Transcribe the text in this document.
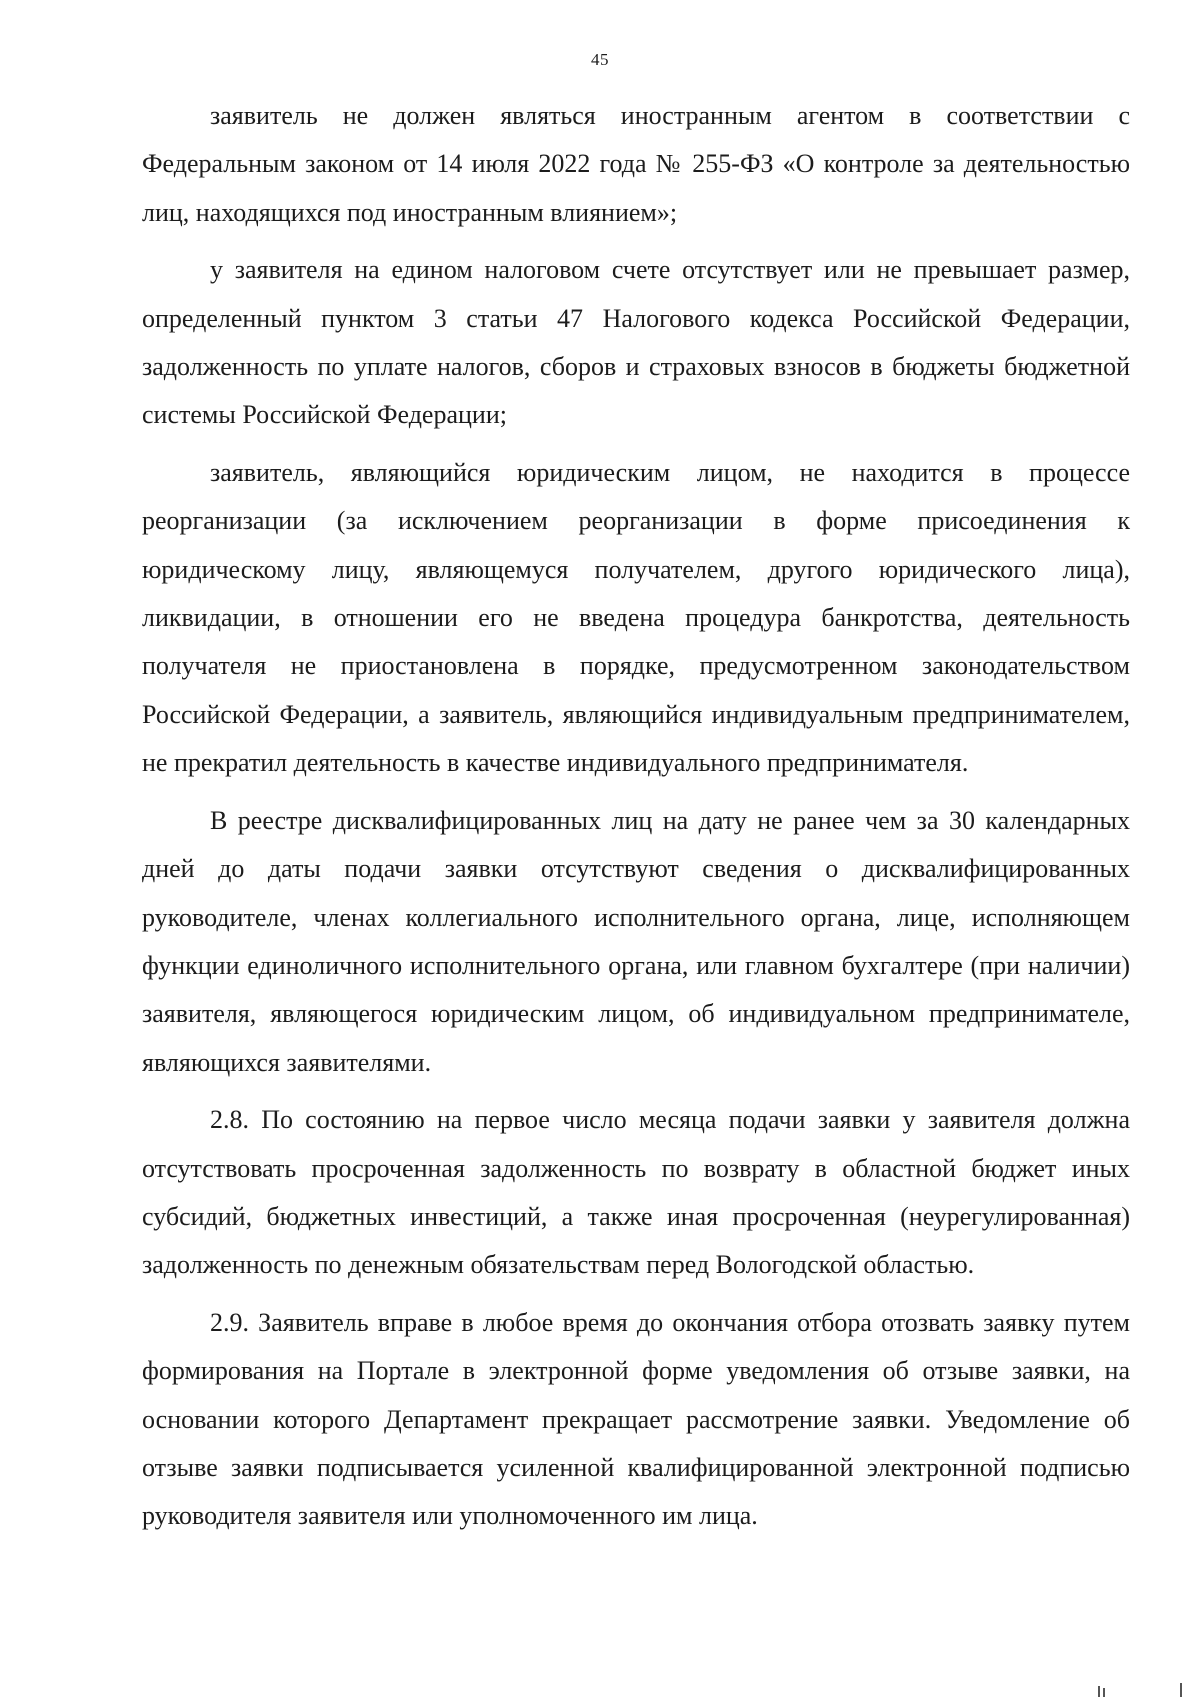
45

заявитель не должен являться иностранным агентом в соответствии с Федеральным законом от 14 июля 2022 года № 255-ФЗ «О контроле за деятельностью лиц, находящихся под иностранным влиянием»;

у заявителя на едином налоговом счете отсутствует или не превышает размер, определенный пунктом 3 статьи 47 Налогового кодекса Российской Федерации, задолженность по уплате налогов, сборов и страховых взносов в бюджеты бюджетной системы Российской Федерации;

заявитель, являющийся юридическим лицом, не находится в процессе реорганизации (за исключением реорганизации в форме присоединения к юридическому лицу, являющемуся получателем, другого юридического лица), ликвидации, в отношении его не введена процедура банкротства, деятельность получателя не приостановлена в порядке, предусмотренном законодательством Российской Федерации, а заявитель, являющийся индивидуальным предпринимателем, не прекратил деятельность в качестве индивидуального предпринимателя.

В реестре дисквалифицированных лиц на дату не ранее чем за 30 календарных дней до даты подачи заявки отсутствуют сведения о дисквалифицированных руководителе, членах коллегиального исполнительного органа, лице, исполняющем функции единоличного исполнительного органа, или главном бухгалтере (при наличии) заявителя, являющегося юридическим лицом, об индивидуальном предпринимателе, являющихся заявителями.

2.8. По состоянию на первое число месяца подачи заявки у заявителя должна отсутствовать просроченная задолженность по возврату в областной бюджет иных субсидий, бюджетных инвестиций, а также иная просроченная (неурегулированная) задолженность по денежным обязательствам перед Вологодской областью.

2.9. Заявитель вправе в любое время до окончания отбора отозвать заявку путем формирования на Портале в электронной форме уведомления об отзыве заявки, на основании которого Департамент прекращает рассмотрение заявки. Уведомление об отзыве заявки подписывается усиленной квалифицированной электронной подписью руководителя заявителя или уполномоченного им лица.
